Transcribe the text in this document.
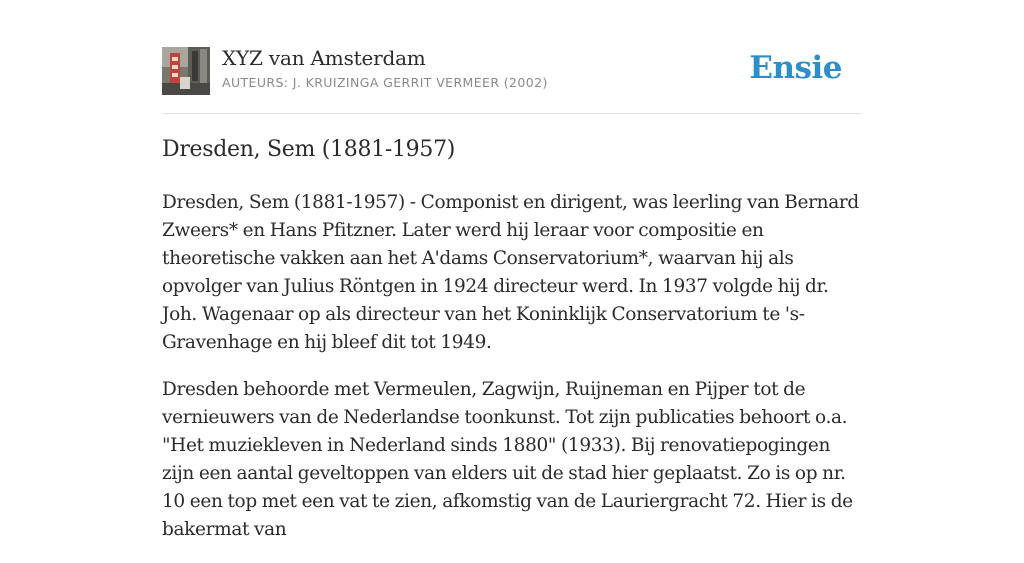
XYZ van Amsterdam
AUTEURS: J. KRUIZINGA GERRIT VERMEER (2002)	Ensie
Dresden, Sem (1881-1957)

Dresden, Sem (1881-1957) - Componist en dirigent, was leerling van Bernard Zweers* en Hans Pfitzner. Later werd hij leraar voor compositie en theoretische vakken aan het A'dams Conservatorium*, waarvan hij als opvolger van Julius Röntgen in 1924 directeur werd. In 1937 volgde hij dr. Joh. Wagenaar op als directeur van het Koninklijk Conservatorium te 's-Gravenhage en hij bleef dit tot 1949.

Dresden behoorde met Vermeulen, Zagwijn, Ruijneman en Pijper tot de vernieuwers van de Nederlandse toonkunst. Tot zijn publicaties behoort o.a. "Het muziekleven in Nederland sinds 1880" (1933). Bij renovatiepogingen zijn een aantal geveltoppen van elders uit de stad hier geplaatst. Zo is op nr. 10 een top met een vat te zien, afkomstig van de Lauriergracht 72. Hier is de bakermat van
